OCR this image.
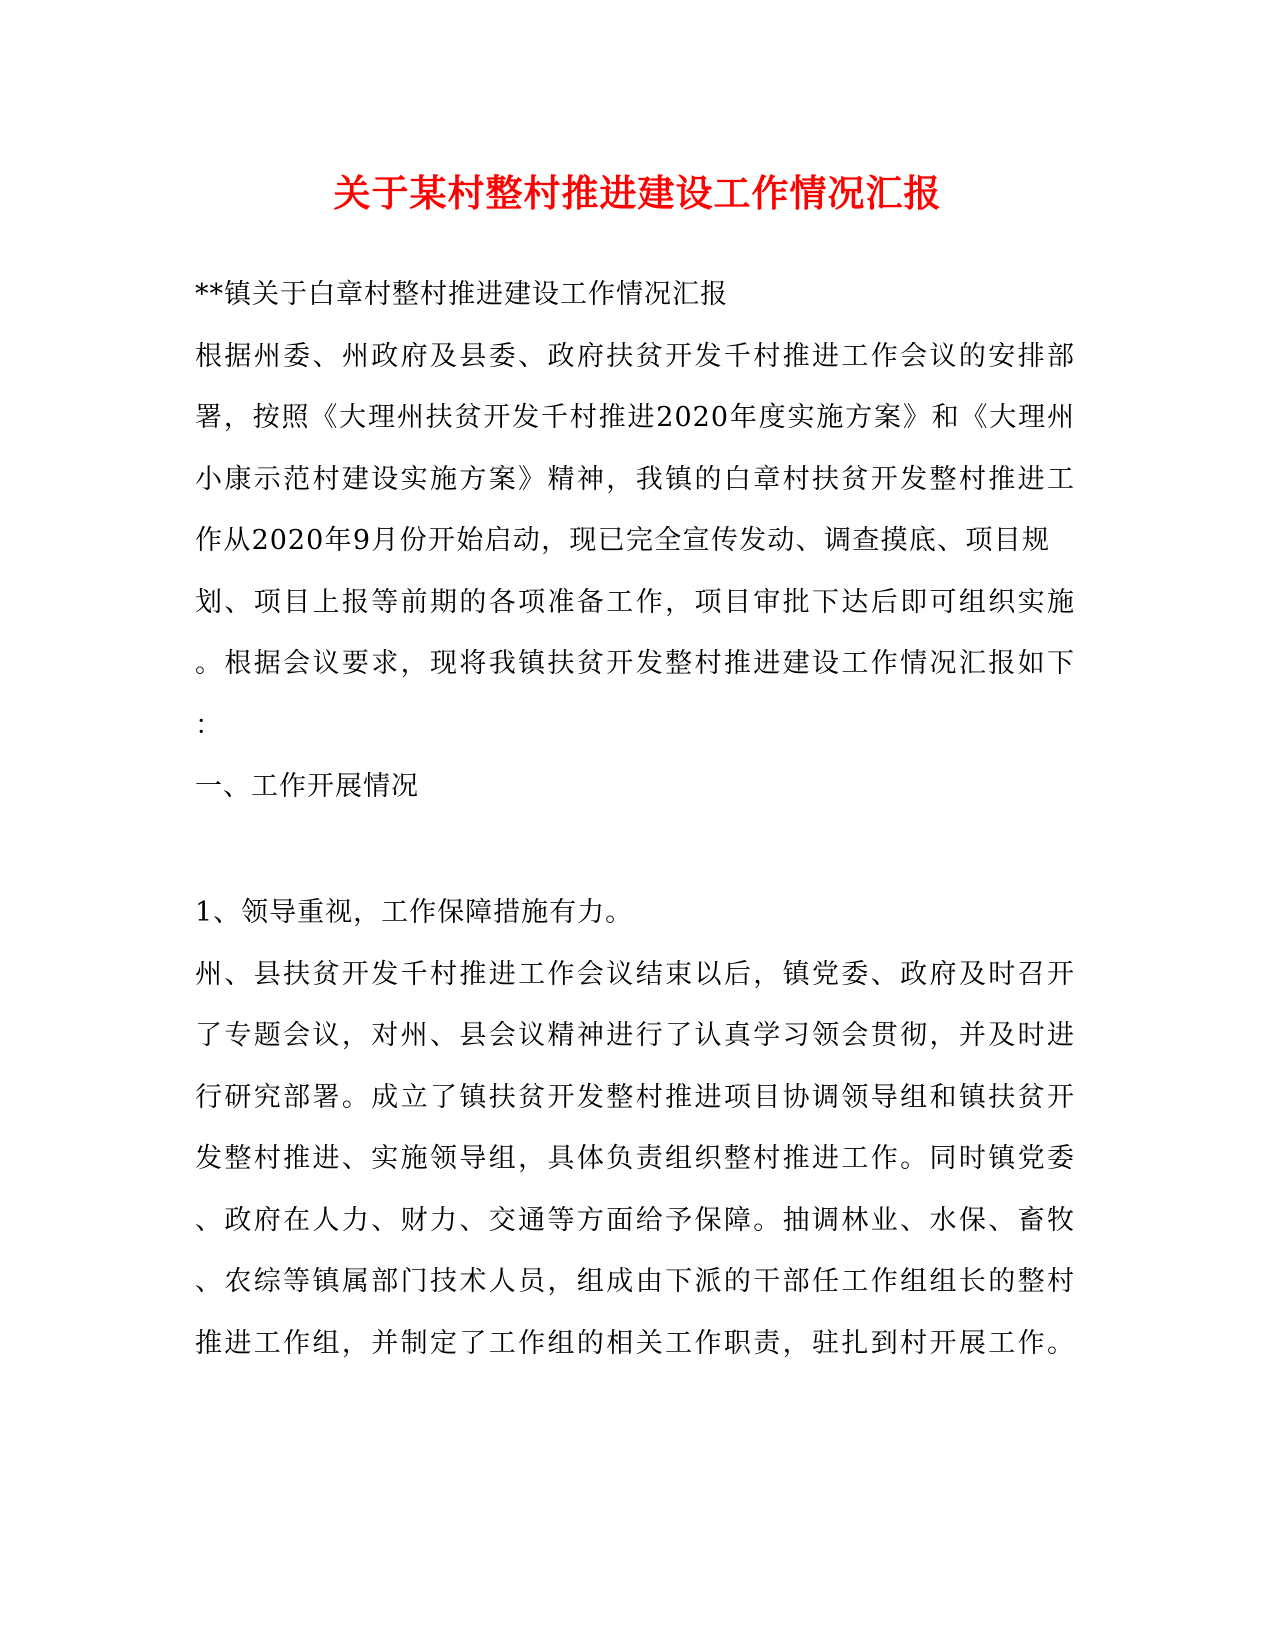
关于某村整村推进建设工作情况汇报
**镇关于白章村整村推进建设工作情况汇报
根据州委、州政府及县委、政府扶贫开发千村推进工作会议的安排部
署，按照《大理州扶贫开发千村推进2020年度实施方案》和《大理州
小康示范村建设实施方案》精神，我镇的白章村扶贫开发整村推进工
作从2020年9月份开始启动，现已完全宣传发动、调查摸底、项目规
划、项目上报等前期的各项准备工作，项目审批下达后即可组织实施
。根据会议要求，现将我镇扶贫开发整村推进建设工作情况汇报如下
：
一、工作开展情况
1、领导重视，工作保障措施有力。
州、县扶贫开发千村推进工作会议结束以后，镇党委、政府及时召开
了专题会议，对州、县会议精神进行了认真学习领会贯彻，并及时进
行研究部署。成立了镇扶贫开发整村推进项目协调领导组和镇扶贫开
发整村推进、实施领导组，具体负责组织整村推进工作。同时镇党委
、政府在人力、财力、交通等方面给予保障。抽调林业、水保、畜牧
、农综等镇属部门技术人员，组成由下派的干部任工作组组长的整村
推进工作组，并制定了工作组的相关工作职责，驻扎到村开展工作。
